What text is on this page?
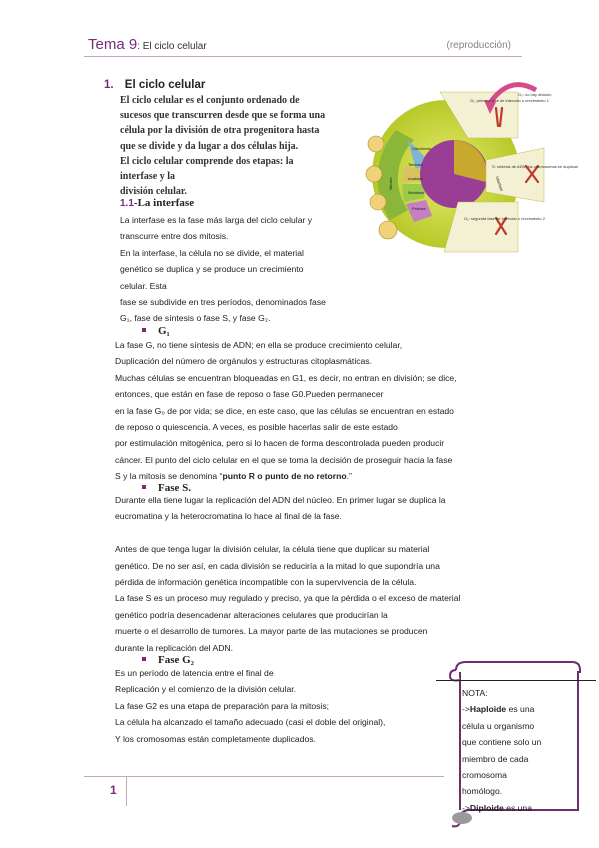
Tema 9: El ciclo celular	(reproducción)
1. El ciclo celular
El ciclo celular es el conjunto ordenado de
sucesos que transcurren desde que se forma una
célula por la división de otra progenitora hasta
que se divide y da lugar a dos células hija.
El ciclo celular comprende dos etapas: la
interfase y la
división celular.
1.1-La interfase
La interfase es la fase más larga del ciclo celular y
transcurre entre dos mitosis.
En la interfase, la célula no se divide, el material
genético se duplica y se produce un crecimiento
celular. Esta
fase se subdivide en tres períodos, denominados fase
G₁, fase de síntesis o fase S, y fase G₂.
G₁
La fase G, no tiene síntesis de ADN; en ella se produce crecimiento celular,
Duplicación del número de orgánulos y estructuras citoplasmáticas.
Muchas células se encuentran bloqueadas en G1, es decir, no entran en división; se dice,
entonces, que están en fase de reposo o fase G0.Pueden permanecer
en la fase G₀ de por vida; se dice, en este caso, que las células se encuentran en estado
de reposo o quiescencia. A veces, es posible hacerlas salir de este estado
por estimulación mitogénica, pero si lo hacen de forma descontrolada pueden producir
cáncer. El punto del ciclo celular en el que se toma la decisión de proseguir hacia la fase
S y la mitosis se denomina “punto R o punto de no retorno.”
Fase S.
Durante ella tiene lugar la replicación del ADN del núcleo. En primer lugar se duplica la
eucromatina y la heterocromatina lo hace al final de la fase.
Antes de que tenga lugar la división celular, la célula tiene que duplicar su material
genético. De no ser así, en cada división se reduciría a la mitad lo que supondría una
pérdida de información genética incompatible con la supervivencia de la célula.
La fase S es un proceso muy regulado y preciso, ya que la pérdida o el exceso de material
genético podría desencadenar alteraciones celulares que producirían la
muerte o el desarrollo de tumores. La mayor parte de las mutaciones se producen
durante la replicación del ADN.
Fase G₂
Es un período de latencia entre el final de
Replicación y el comienzo de la división celular.
La fase G2 es una etapa de preparación para la mitosis;
La célula ha alcanzado el tamaño adecuado (casi el doble del original),
Y los cromosomas están completamente duplicados.
G₁: primera fase de intervalo o crecimiento 1
G₀: no hay división
S: síntesis de ADN; los cromosomas se duplican
G₂: segunda fase de intervalo o crecimiento 2
Citocinesis
Telofase
Anafase
Metafase
Profase
Mitosis	Interfase
NOTA:
->Haploide es una
célula u organismo
que contiene solo un
miembro de cada
cromosoma
homólogo.
->Diploide es una
1
